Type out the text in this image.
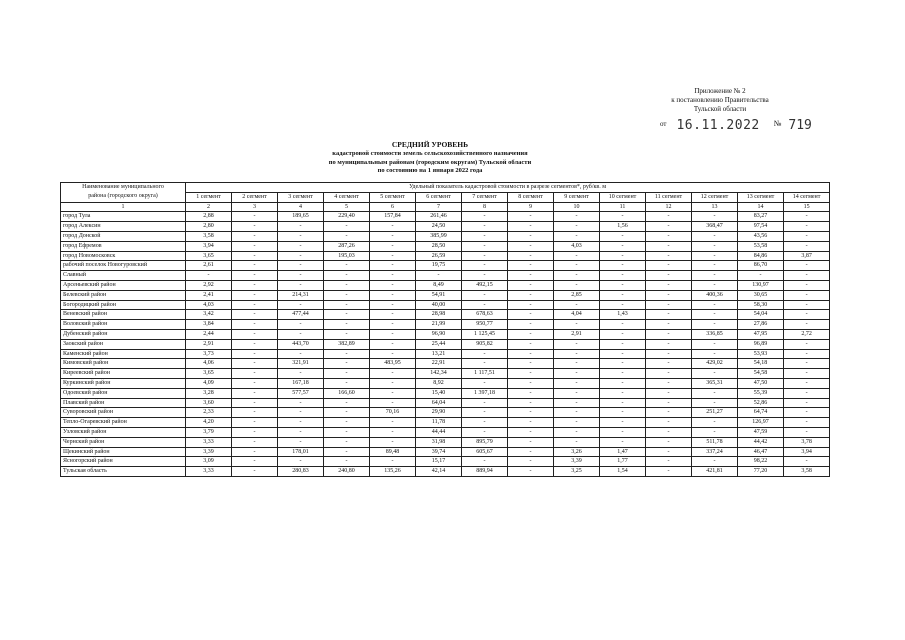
Приложение № 2
к постановлению Правительства
Тульской области
от 16.11.2022 № 719
СРЕДНИЙ УРОВЕНЬ
кадастровой стоимости земель сельскохозяйственного назначения
по муниципальным районам (городским округам) Тульской области
по состоянию на 1 января 2022 года
Наименование муниципального
района (городского округа)	Удельный показатель кадастровой стоимости в разрезе сегментов*, руб/кв. м													
	1 сегмент	2 сегмент	3 сегмент	4 сегмент	5 сегмент	6 сегмент	7 сегмент	8 сегмент	9 сегмент	10 сегмент	11 сегмент	12 сегмент	13 сегмент	14 сегмент
1	2	3	4	5	6	7	8	9	10	11	12	13	14	15
город Тула	2,88	-	189,65	229,40	157,84	261,46	-	-	-	-	-	-	83,27	-
город Алексин	2,80	-	-	-	-	24,50	-	-	-	1,56	-	368,47	97,54	-
город Донской	3,58	-	-	-	-	385,99	-	-	-	-	-	-	43,56	-
город Ефремов	3,94	-	-	287,26	-	28,50	-	-	4,03	-	-	-	53,58	-
город Новомосковск	3,65	-	-	195,03	-	26,59	-	-	-	-	-	-	84,86	3,87
рабочий поселок Новогуровский	2,61	-	-	-	-	19,75	-	-	-	-	-	-	86,70	-
Славный	-	-	-	-	-	-	-	-	-	-	-	-	-	-
Арсеньевский район	2,92	-	-	-	-	8,49	492,15	-	-	-	-	-	130,97	-
Белевский район	2,41	-	214,31	-	-	54,91	-	-	2,85	-	-	400,36	30,65	-
Богородицкий район	4,03	-	-	-	-	40,00	-	-	-	-	-	-	58,30	-
Веневский район	3,42	-	477,44	-	-	28,98	678,63	-	4,04	1,43	-	-	54,04	-
Воловский район	3,84	-	-	-	-	21,99	950,77	-	-	-	-	-	27,86	-
Дубенский район	2,44	-	-	-	-	96,90	1 125,45	-	2,91	-	-	336,85	47,95	2,72
Заокский район	2,91	-	443,70	382,89	-	25,44	905,82	-	-	-	-	-	96,89	-
Каменский район	3,73	-	-	-	-	13,21	-	-	-	-	-	-	53,93	-
Кимовский район	4,06	-	321,91	-	483,95	22,91	-	-	-	-	-	429,02	54,18	-
Киреевский район	3,65	-	-	-	-	142,34	1 117,51	-	-	-	-	-	54,58	-
Куркинский район	4,09	-	167,18	-	-	8,92	-	-	-	-	-	365,31	47,50	-
Одоевский район	3,28	-	577,57	166,60	-	15,40	1 397,18	-	-	-	-	-	55,39	-
Плавский район	3,60	-	-	-	-	64,04	-	-	-	-	-	-	52,86	-
Суворовский район	2,33	-	-	-	70,16	29,90	-	-	-	-	-	251,27	64,74	-
Тепло-Огаревский район	4,20	-	-	-	-	11,78	-	-	-	-	-	-	126,97	-
Узловский район	3,79	-	-	-	-	44,44	-	-	-	-	-	-	47,59	-
Чернский район	3,33	-	-	-	-	31,98	895,79	-	-	-	-	511,78	44,42	3,78
Щекинский район	3,39	-	178,01	-	89,48	39,74	605,67	-	3,26	1,47	-	337,24	46,47	3,94
Ясногорский район	3,09	-	-	-	-	15,17	-	-	3,39	1,77	-	-	98,22	-
Тульская область	3,33	-	280,83	240,80	135,26	42,14	889,94	-	3,25	1,54	-	421,81	77,20	3,58
